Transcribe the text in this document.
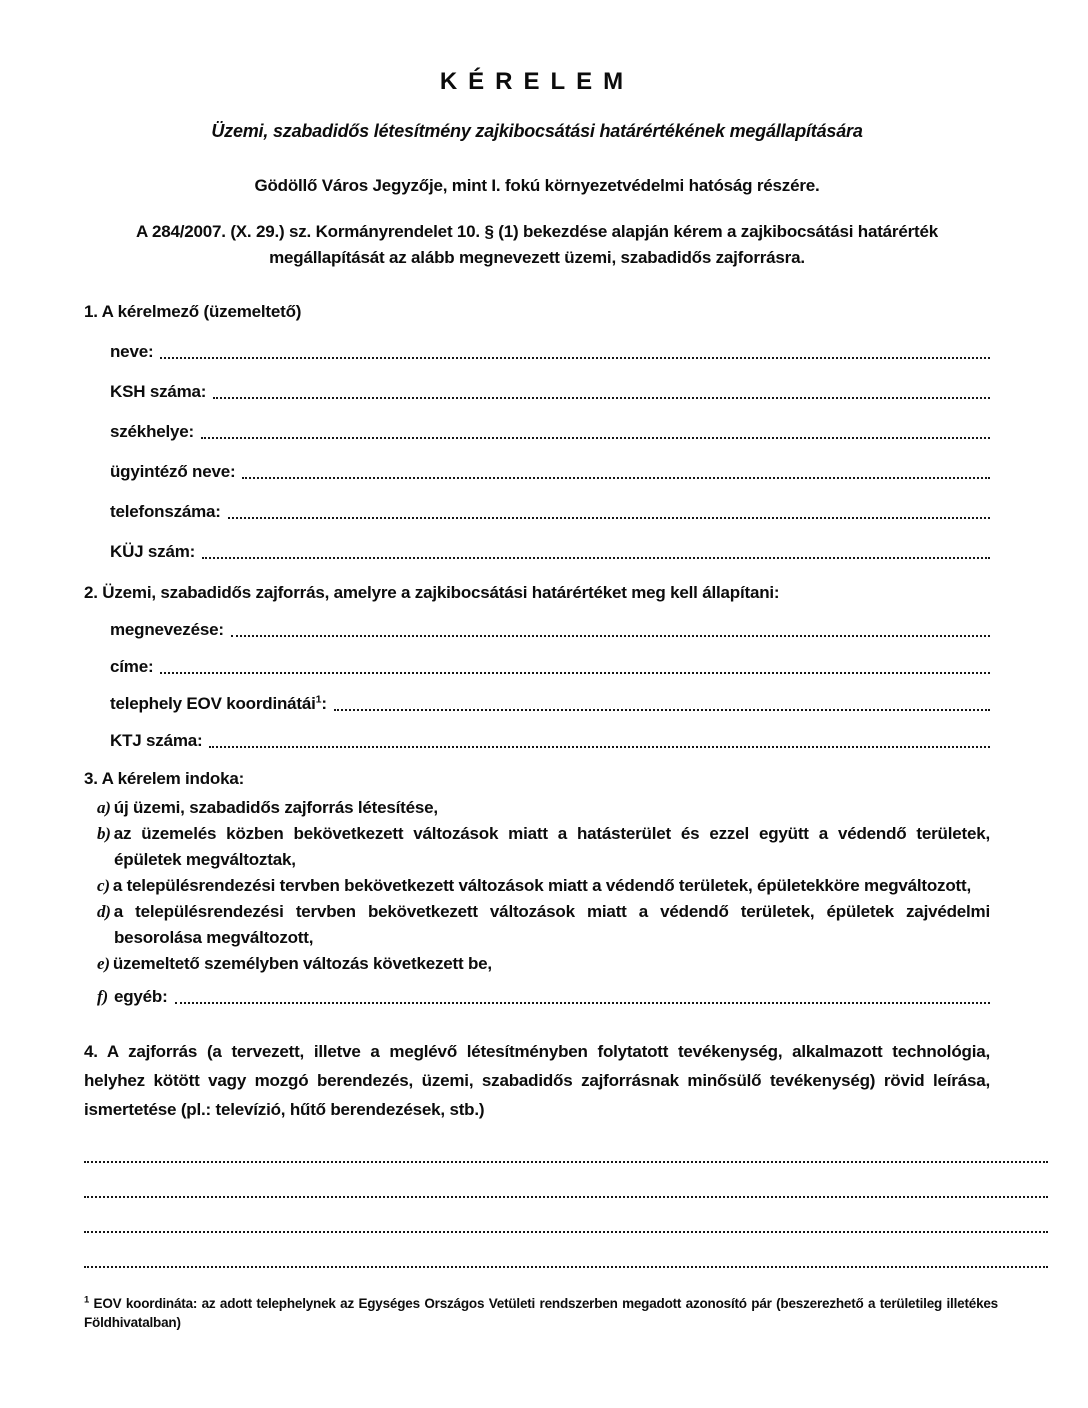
KÉRELEM
Üzemi, szabadidős létesítmény zajkibocsátási határértékének megállapítására
Gödöllő Város Jegyzője, mint I. fokú környezetvédelmi hatóság részére.
A 284/2007. (X. 29.) sz. Kormányrendelet 10. § (1) bekezdése alapján kérem a zajkibocsátási határérték megállapítását az alább megnevezett üzemi, szabadidős zajforrásra.
1. A kérelmező (üzemeltető)
neve:
KSH száma:
székhelye:
ügyintéző neve:
telefonszáma:
KÜJ szám:
2. Üzemi, szabadidős zajforrás, amelyre a zajkibocsátási határértéket meg kell állapítani:
megnevezése:
címe:
telephely EOV koordinátái$^1$:
KTJ száma:
3. A kérelem indoka:
a) új üzemi, szabadidős zajforrás létesítése,
b) az üzemelés közben bekövetkezett változások miatt a hatásterület és ezzel együtt a védendő területek, épületek megváltoztak,
c) a településrendezési tervben bekövetkezett változások miatt a védendő területek, épületekköre megváltozott,
d) a településrendezési tervben bekövetkezett változások miatt a védendő területek, épületek zajvédelmi besorolása megváltozott,
e) üzemeltető személyben változás következett be,
f) egyéb:
4. A zajforrás (a tervezett, illetve a meglévő létesítményben folytatott tevékenység, alkalmazott technológia, helyhez kötött vagy mozgó berendezés, üzemi, szabadidős zajforrásnak minősülő tevékenység) rövid leírása, ismertetése (pl.: televízió, hűtő berendezések, stb.)
$^1$ EOV koordináta: az adott telephelynek az Egységes Országos Vetületi rendszerben megadott azonosító pár (beszerezhető a területileg illetékes Földhivatalban)
